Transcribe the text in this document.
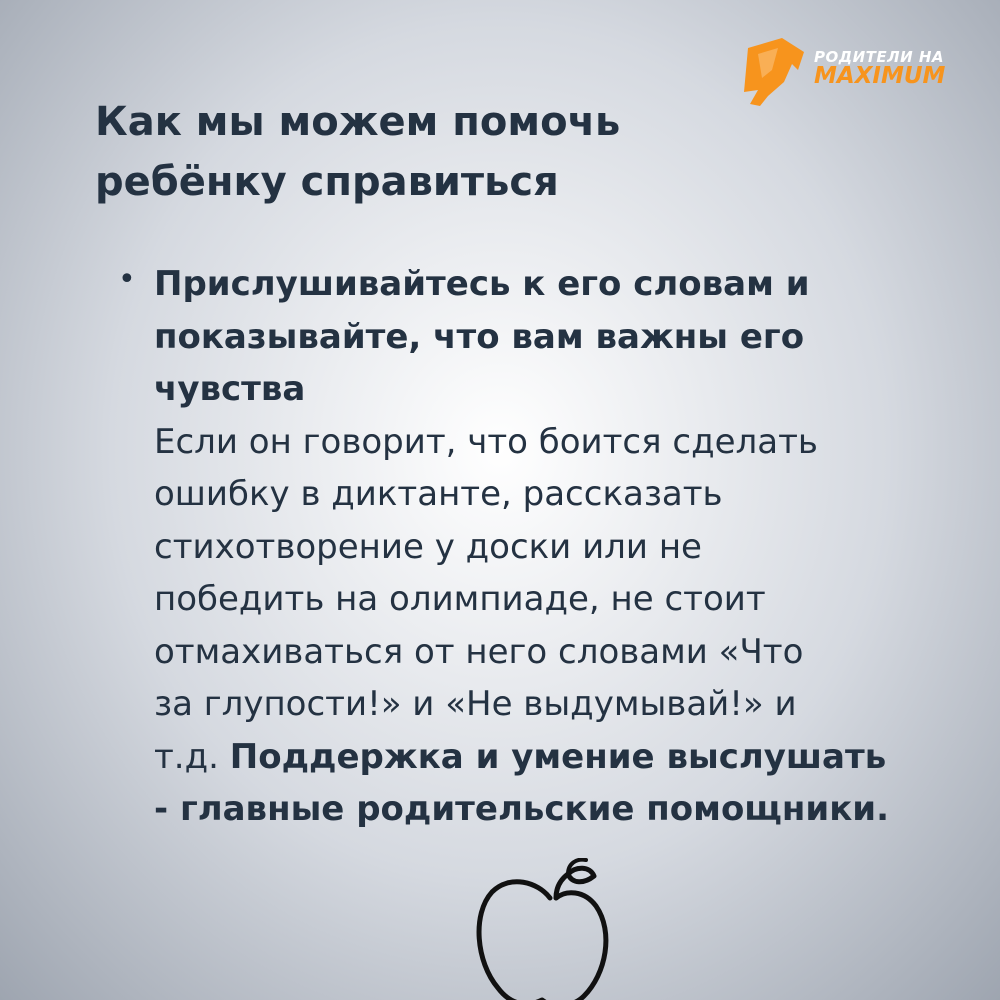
РОДИТЕЛИ НА
MAXIMUM
Как мы можем помочь
ребёнку справиться
• Прислушивайтесь к его словам и
показывайте, что вам важны его
чувства
Если он говорит, что боится сделать
ошибку в диктанте, рассказать
стихотворение у доски или не
победить на олимпиаде, не стоит
отмахиваться от него словами «Что
за глупости!» и «Не выдумывай!» и
т.д. Поддержка и умение выслушать
- главные родительские помощники.
